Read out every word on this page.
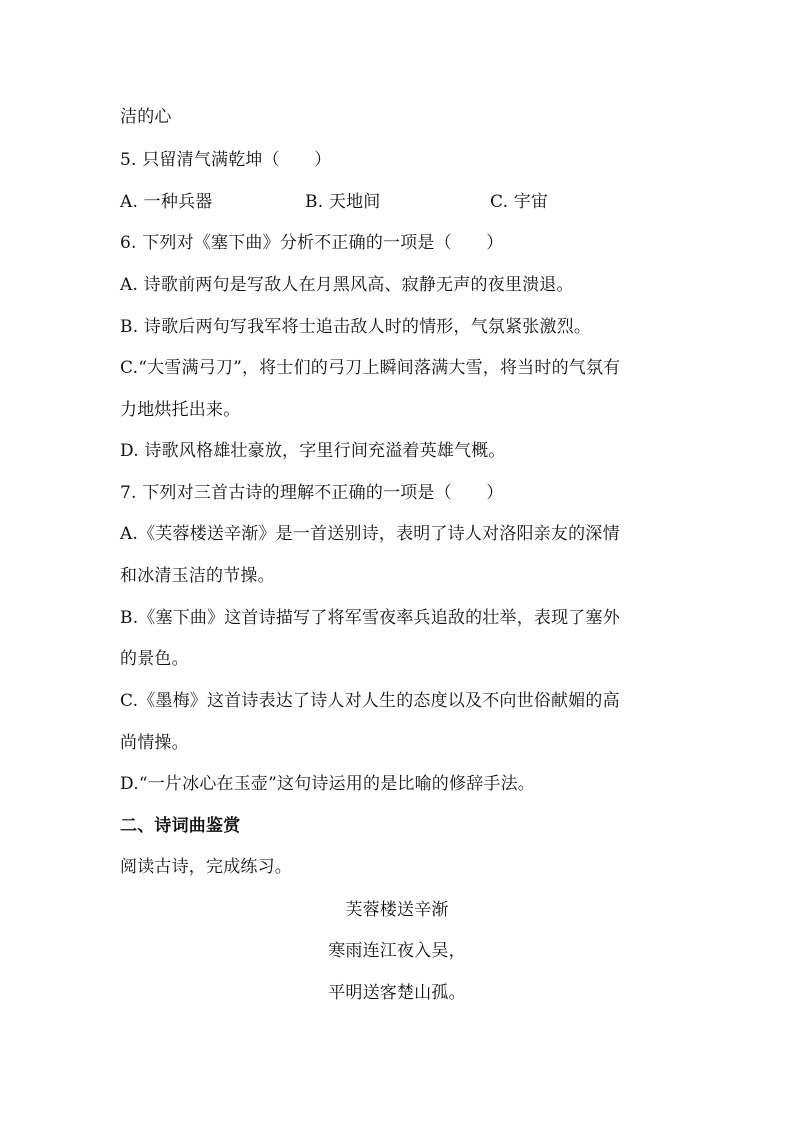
洁的心
5. 只留清气满乾坤（　　）
A. 一种兵器	B. 天地间	C. 宇宙
6. 下列对《塞下曲》分析不正确的一项是（　　）
A. 诗歌前两句是写敌人在月黑风高、寂静无声的夜里溃退。
B. 诗歌后两句写我军将士追击敌人时的情形，气氛紧张激烈。
C.“大雪满弓刀”，将士们的弓刀上瞬间落满大雪，将当时的气氛有
力地烘托出来。
D. 诗歌风格雄壮豪放，字里行间充溢着英雄气概。
7. 下列对三首古诗的理解不正确的一项是（　　）
A.《芙蓉楼送辛渐》是一首送别诗，表明了诗人对洛阳亲友的深情
和冰清玉洁的节操。
B.《塞下曲》这首诗描写了将军雪夜率兵追敌的壮举，表现了塞外
的景色。
C.《墨梅》这首诗表达了诗人对人生的态度以及不向世俗献媚的高
尚情操。
D.“一片冰心在玉壶”这句诗运用的是比喻的修辞手法。
二、诗词曲鉴赏
阅读古诗，完成练习。
芙蓉楼送辛渐
寒雨连江夜入吴，
平明送客楚山孤。
